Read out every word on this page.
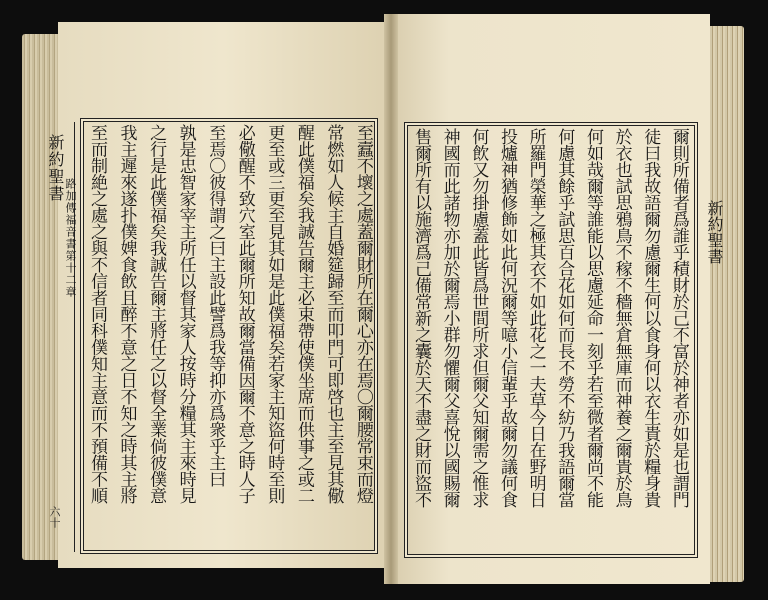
新約聖書
路加傳福音書第十二章
六十
新約聖書
至蠧不壞之處蓋爾財所在爾心亦在焉〇爾腰常束而燈
常燃如人候主自婚筵歸至而叩門可即啓也主至見其儆
醒此僕福矣我誠告爾主必束帶使僕坐席而供事之或二
更至或三更至見其如是此僕福矣若家主知盜何時至則
必儆醒不致穴室此爾所知故爾當備因爾不意之時人子
至焉〇彼得謂之曰主設此譬爲我等抑亦爲衆乎主曰
孰是忠智家宰主所任以督其家人按時分糧其主來時見
之行是此僕福矣我誠告爾主將任之以督全業倘彼僕意
我主遲來遂扑僕婢食飲且醉不意之日不知之時其主將
至而制絶之處之與不信者同科僕知主意而不預備不順	爾則所備者爲誰乎積財於己不富於神者亦如是也謂門
徒曰我故語爾勿慮爾生何以食身何以衣生貴於糧身貴
於衣也試思鴉鳥不稼不穡無倉無庫而神養之爾貴於鳥
何如哉爾等誰能以思慮延命一刻乎若至微者爾尚不能
何慮其餘乎試思百合花如何而長不勞不紡乃我語爾當
所羅門榮華之極其衣不如此花之一夫草今日在野明日
投爐神猶修飾如此何況爾等噫小信輩乎故爾勿議何食
何飲又勿掛慮蓋此皆爲世間所求但爾父知爾需之惟求
神國而此諸物亦加於爾焉小群勿懼爾父喜悅以國賜爾
售爾所有以施濟爲己備常新之囊於天不盡之財而盜不
